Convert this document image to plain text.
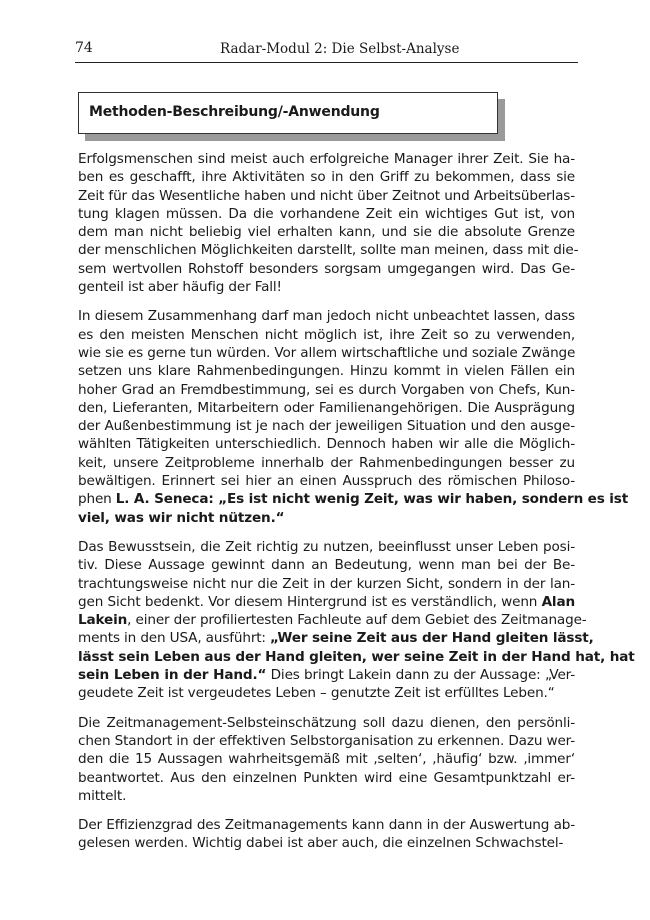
74	Radar-Modul 2: Die Selbst-Analyse
Methoden-Beschreibung/-Anwendung
Erfolgsmenschen sind meist auch erfolgreiche Manager ihrer Zeit. Sie ha-
ben es geschafft, ihre Aktivitäten so in den Griff zu bekommen, dass sie
Zeit für das Wesentliche haben und nicht über Zeitnot und Arbeitsüberlas-
tung klagen müssen. Da die vorhandene Zeit ein wichtiges Gut ist, von
dem man nicht beliebig viel erhalten kann, und sie die absolute Grenze
der menschlichen Möglichkeiten darstellt, sollte man meinen, dass mit die-
sem wertvollen Rohstoff besonders sorgsam umgegangen wird. Das Ge-
genteil ist aber häufig der Fall!
In diesem Zusammenhang darf man jedoch nicht unbeachtet lassen, dass
es den meisten Menschen nicht möglich ist, ihre Zeit so zu verwenden,
wie sie es gerne tun würden. Vor allem wirtschaftliche und soziale Zwänge
setzen uns klare Rahmenbedingungen. Hinzu kommt in vielen Fällen ein
hoher Grad an Fremdbestimmung, sei es durch Vorgaben von Chefs, Kun-
den, Lieferanten, Mitarbeitern oder Familienangehörigen. Die Ausprägung
der Außenbestimmung ist je nach der jeweiligen Situation und den ausge-
wählten Tätigkeiten unterschiedlich. Dennoch haben wir alle die Möglich-
keit, unsere Zeitprobleme innerhalb der Rahmenbedingungen besser zu
bewältigen. Erinnert sei hier an einen Ausspruch des römischen Philoso-
phen L. A. Seneca: „Es ist nicht wenig Zeit, was wir haben, sondern es ist
viel, was wir nicht nützen.“
Das Bewusstsein, die Zeit richtig zu nutzen, beeinflusst unser Leben posi-
tiv. Diese Aussage gewinnt dann an Bedeutung, wenn man bei der Be-
trachtungsweise nicht nur die Zeit in der kurzen Sicht, sondern in der lan-
gen Sicht bedenkt. Vor diesem Hintergrund ist es verständlich, wenn Alan
Lakein, einer der profiliertesten Fachleute auf dem Gebiet des Zeitmanage-
ments in den USA, ausführt: „Wer seine Zeit aus der Hand gleiten lässt,
lässt sein Leben aus der Hand gleiten, wer seine Zeit in der Hand hat, hat
sein Leben in der Hand.“ Dies bringt Lakein dann zu der Aussage: „Ver-
geudete Zeit ist vergeudetes Leben – genutzte Zeit ist erfülltes Leben.“
Die Zeitmanagement-Selbsteinschätzung soll dazu dienen, den persönli-
chen Standort in der effektiven Selbstorganisation zu erkennen. Dazu wer-
den die 15 Aussagen wahrheitsgemäß mit ‚selten‘, ‚häufig‘ bzw. ‚immer‘
beantwortet. Aus den einzelnen Punkten wird eine Gesamtpunktzahl er-
mittelt.
Der Effizienzgrad des Zeitmanagements kann dann in der Auswertung ab-
gelesen werden. Wichtig dabei ist aber auch, die einzelnen Schwachstel-
